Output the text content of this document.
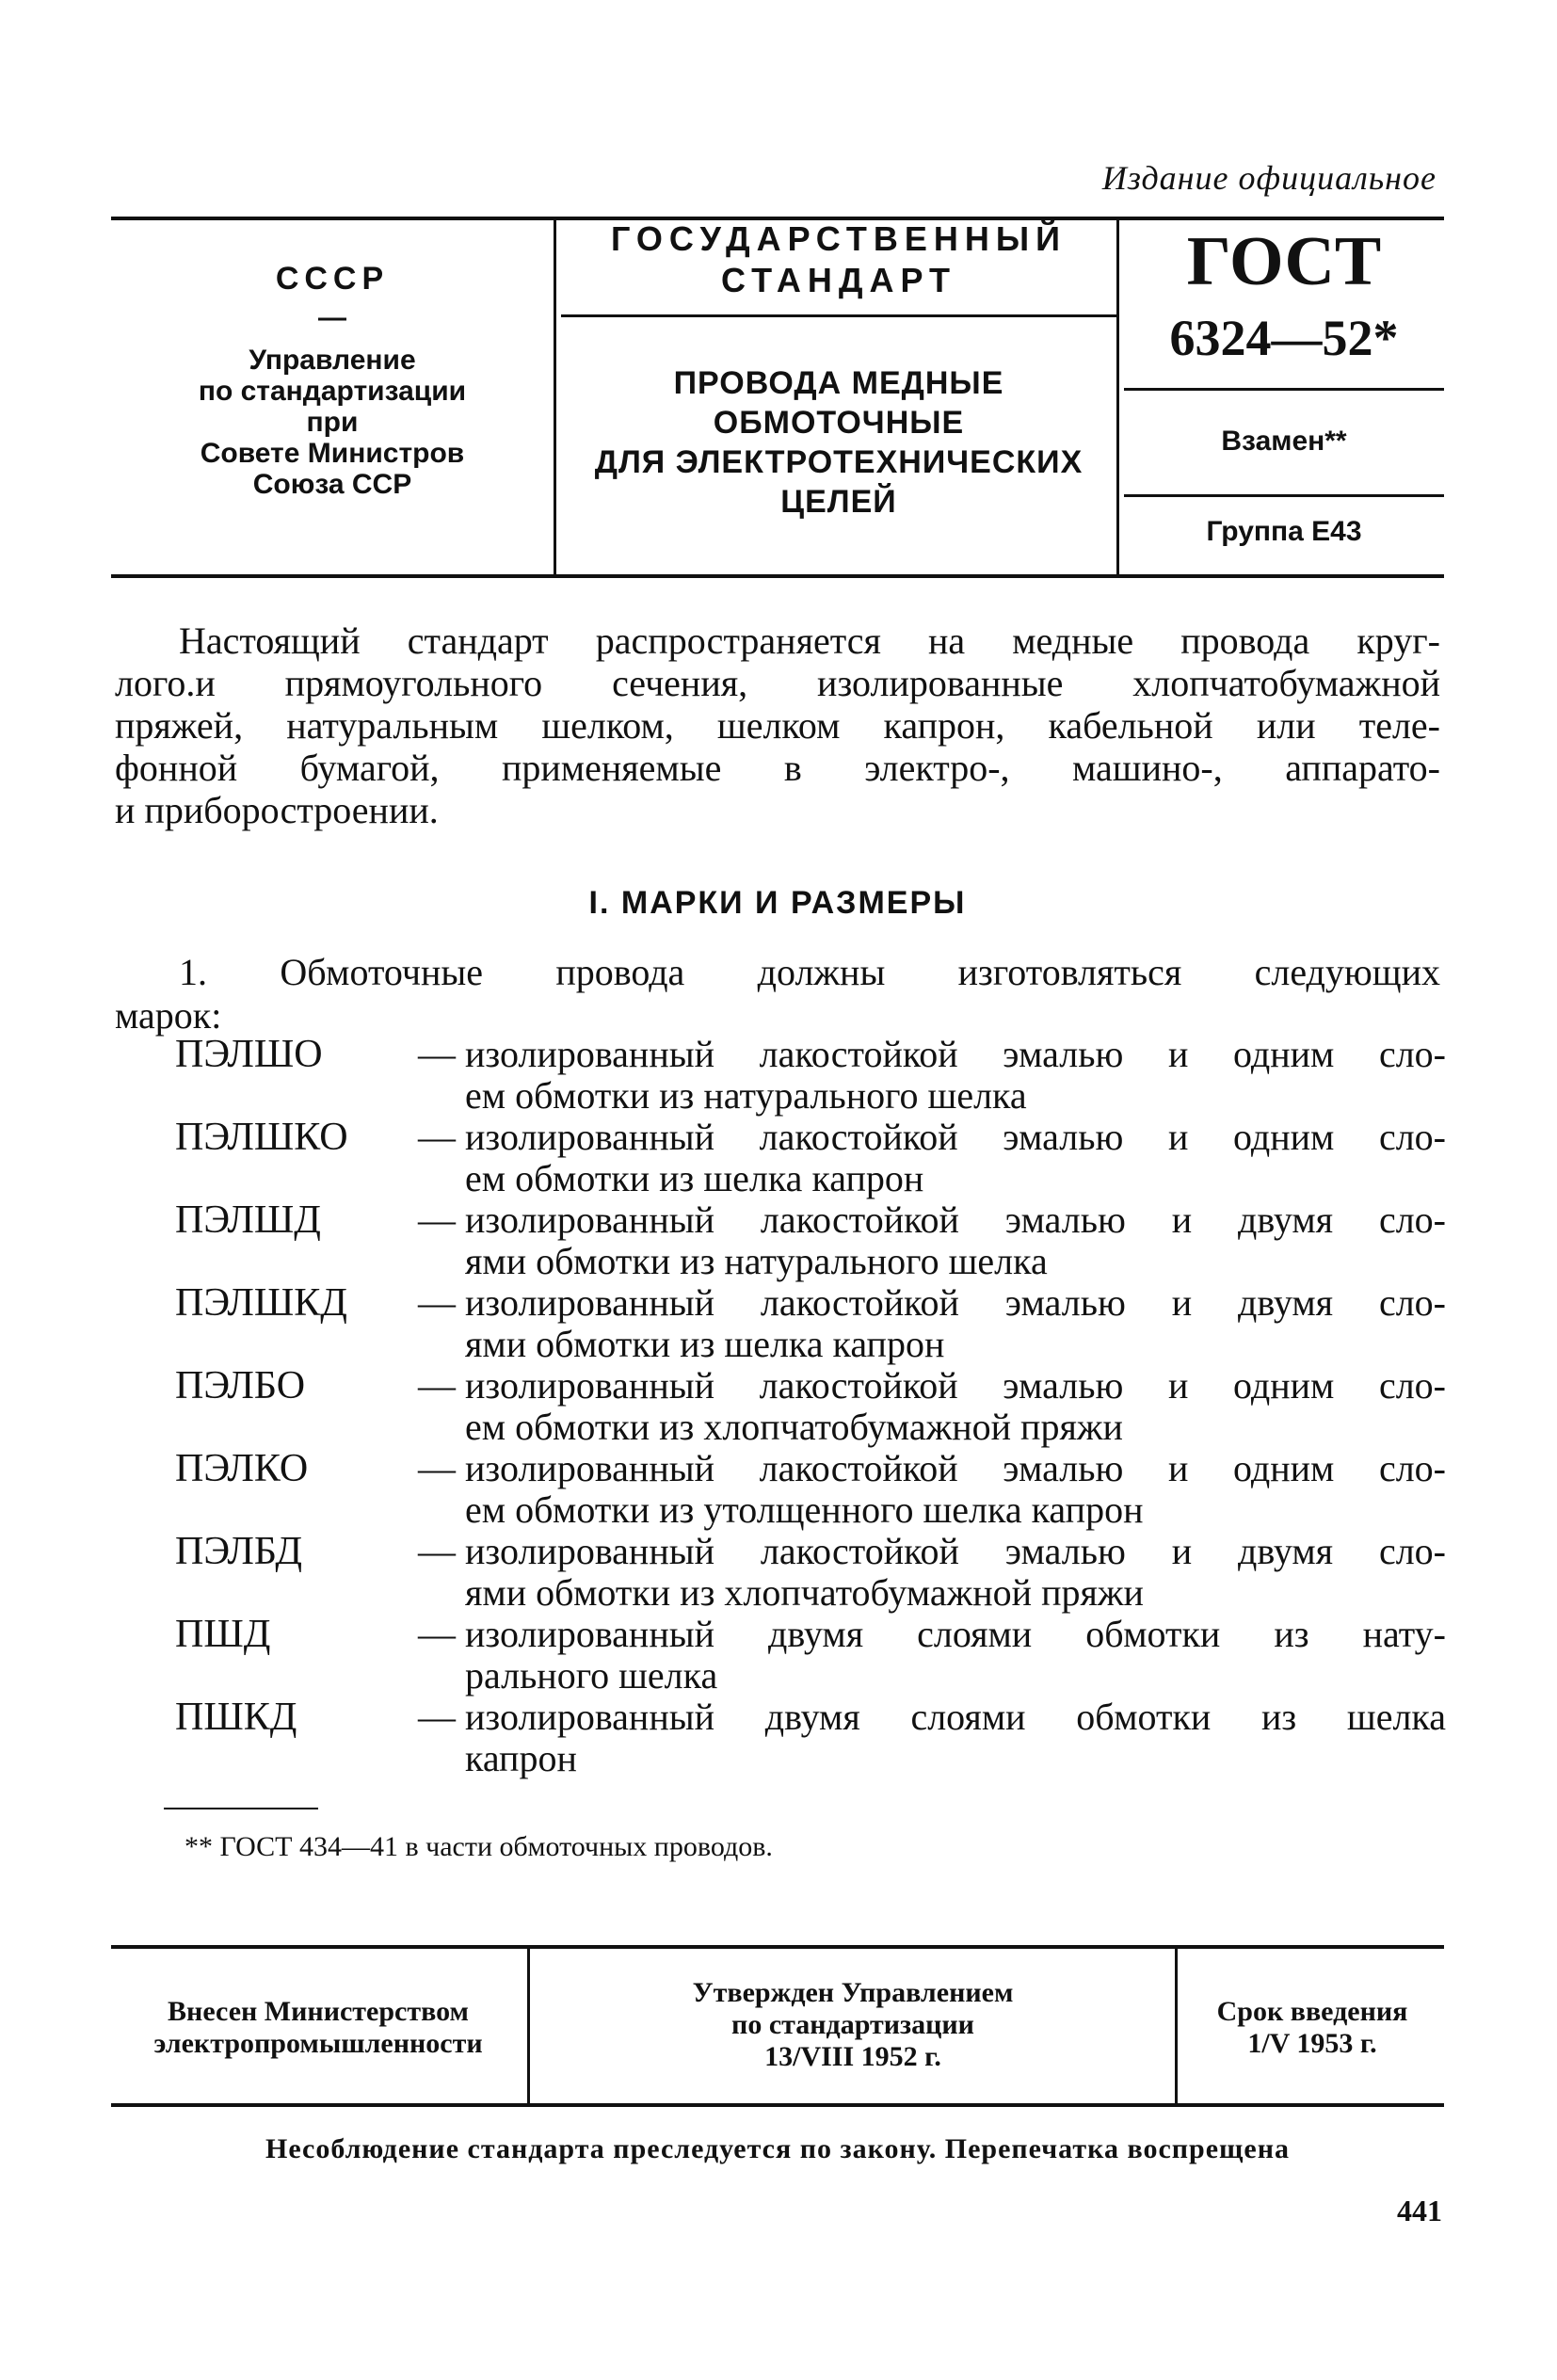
Издание официальное
СССР
—
Управление
по стандартизации
при
Совете Министров
Союза ССР
ГОСУДАРСТВЕННЫЙ
СТАНДАРТ
ПРОВОДА МЕДНЫЕ
ОБМОТОЧНЫЕ
ДЛЯ ЭЛЕКТРОТЕХНИЧЕСКИХ
ЦЕЛЕЙ
ГОСТ
6324—52*
Взамен**
Группа Е43
Настоящий стандарт распространяется на медные провода круг-
лого.и прямоугольного сечения, изолированные хлопчатобумажной
пряжей, натуральным шелком, шелком капрон, кабельной или теле-
фонной бумагой, применяемые в электро-, машино-, аппарато-
и приборостроении.
I. МАРКИ И РАЗМЕРЫ
1. Обмоточные провода должны изготовляться следующих
марок:
ПЭЛШО	— изолированный лакостойкой эмалью и одним сло-
ем обмотки из натурального шелка
ПЭЛШКО — изолированный лакостойкой эмалью и одним сло-
ем обмотки из шелка капрон
ПЭЛШД	— изолированный лакостойкой эмалью и двумя сло-
ями обмотки из натурального шелка
ПЭЛШКД — изолированный лакостойкой эмалью и двумя сло-
ями обмотки из шелка капрон
ПЭЛБО	— изолированный лакостойкой эмалью и одним сло-
ем обмотки из хлопчатобумажной пряжи
ПЭЛКО	— изолированный лакостойкой эмалью и одним сло-
ем обмотки из утолщенного шелка капрон
ПЭЛБД	— изолированный лакостойкой эмалью и двумя сло-
ями обмотки из хлопчатобумажной пряжи
ПШД	— изолированный двумя слоями обмотки из нату-
рального шелка
ПШКД	— изолированный двумя слоями обмотки из шелка
капрон
** ГОСТ 434—41 в части обмоточных проводов.
Внесен Министерством
электропромышленности
Утвержден Управлением
по стандартизации
13/VIII 1952 г.
Срок введения
1/V 1953 г.
Несоблюдение стандарта преследуется по закону. Перепечатка воспрещена
441
